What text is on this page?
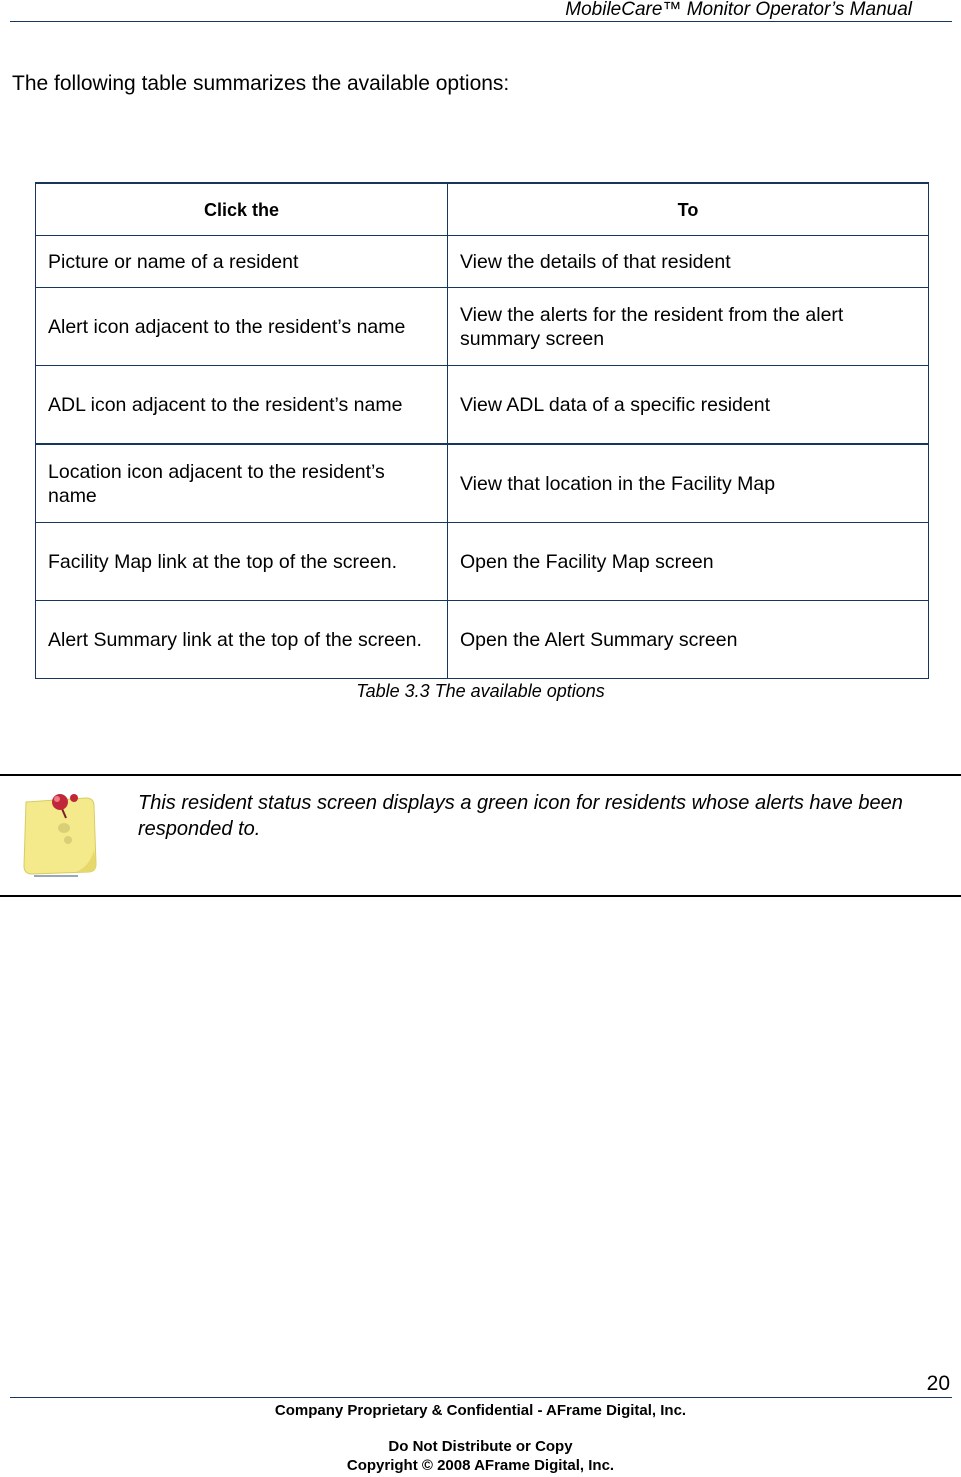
MobileCare™ Monitor Operator’s Manual
The following table summarizes the available options:
Click the	To
Picture or name of a resident	View the details of that resident
Alert icon adjacent to the resident’s name	View the alerts for the resident from the alert summary screen
ADL icon adjacent to the resident’s name	View ADL data of a specific resident
Location icon adjacent to the resident’s name	View that location in the Facility Map
Facility Map link at the top of the screen.	Open the Facility Map screen
Alert Summary link at the top of the screen.	Open the Alert Summary screen
Table 3.3 The available options
This resident status screen displays a green icon for residents whose alerts have been responded to.
20
Company Proprietary & Confidential - AFrame Digital, Inc.
Do Not Distribute or Copy
Copyright © 2008 AFrame Digital, Inc.
